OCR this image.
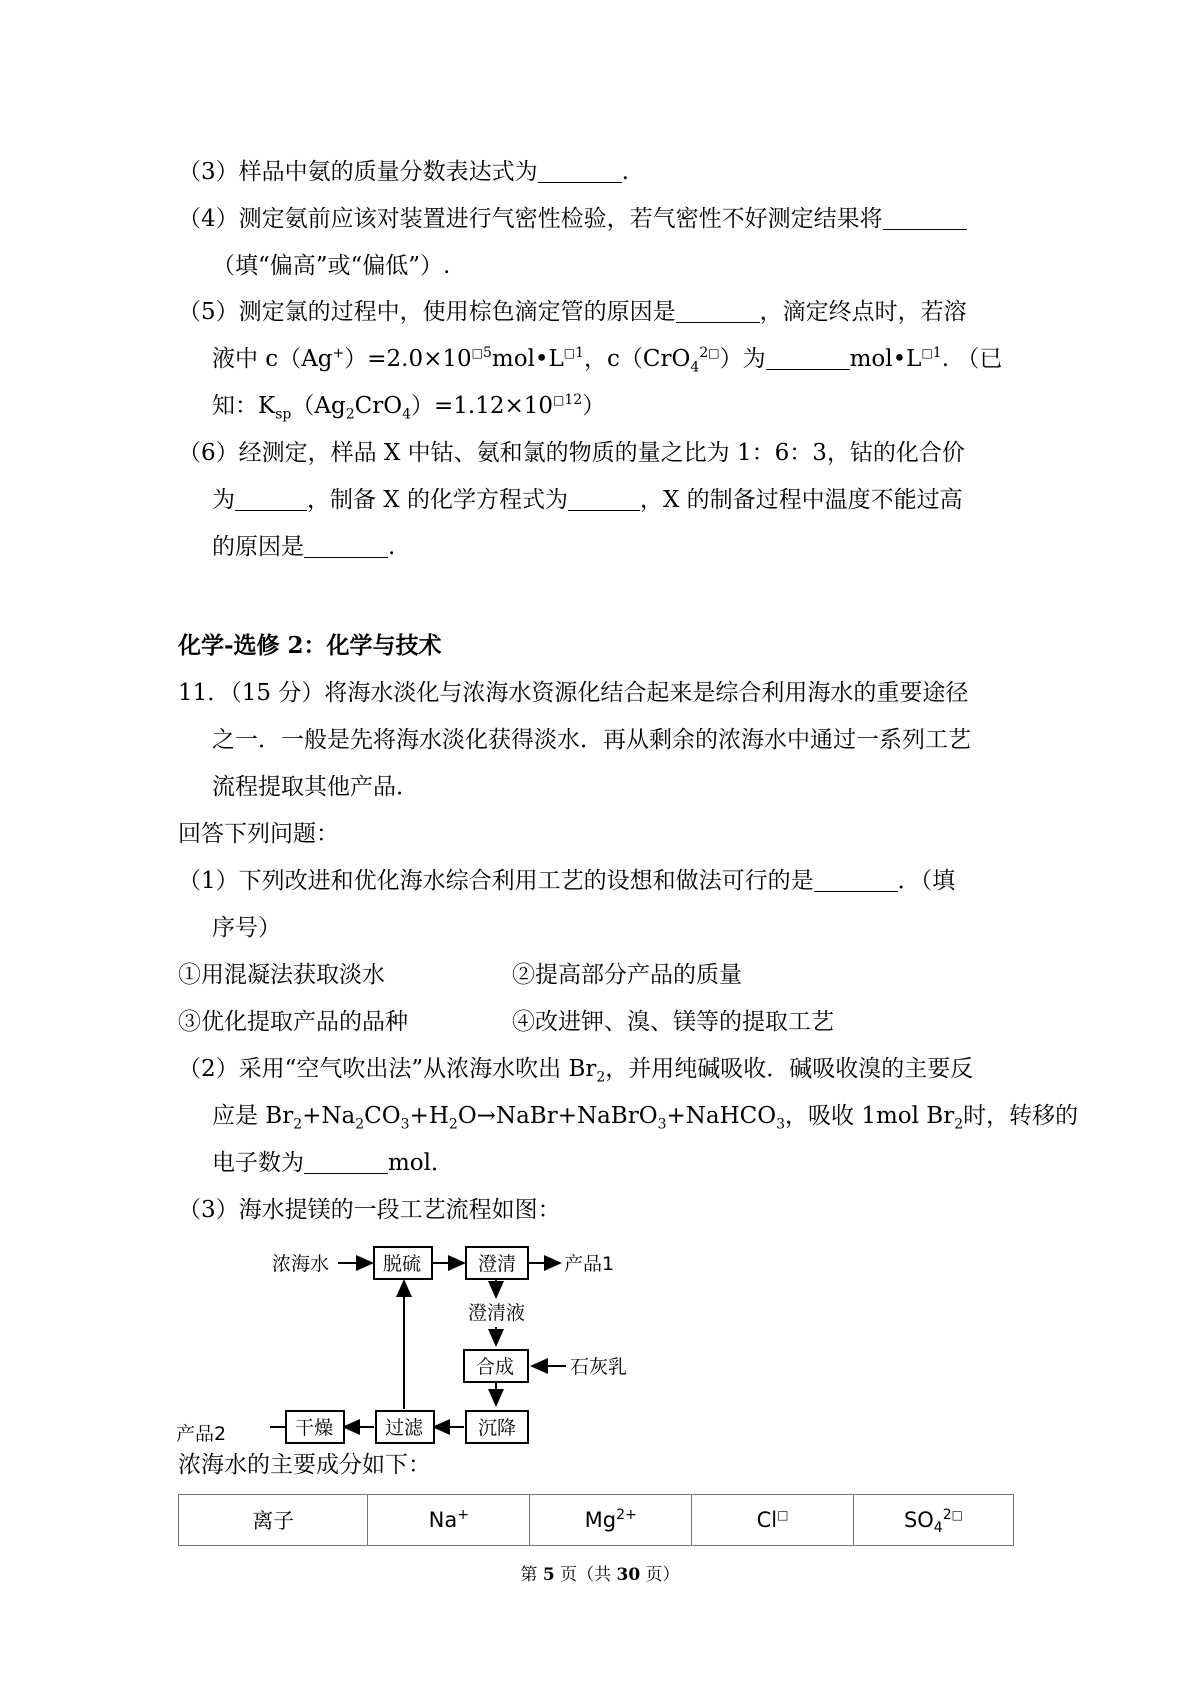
（3）样品中氨的质量分数表达式为	.
（4）测定氨前应该对装置进行气密性检验，若气密性不好测定结果将
（填“偏高”或“偏低”）.
（5）测定氯的过程中，使用棕色滴定管的原因是	，滴定终点时，若溶
液中 $c(Ag^+)=2.0\times 10^{□5}mol•L^{□1}$，c（CrO$_4^{2□}$）为	$mol•L^{□1}$. （已
知：$K_{sp}(Ag_2CrO_4)=1.12\times 10^{□12}$）
（6）经测定，样品 X 中钴、氨和氯的物质的量之比为 1：6：3，钴的化合价
为	，制备 X 的化学方程式为	，X 的制备过程中温度不能过高
的原因是	.
化学-选修 2：化学与技术
11．（15 分）将海水淡化与浓海水资源化结合起来是综合利用海水的重要途径
之一．一般是先将海水淡化获得淡水．再从剩余的浓海水中通过一系列工艺
流程提取其他产品．
回答下列问题：
（1）下列改进和优化海水综合利用工艺的设想和做法可行的是	．（填
序号）
①用混凝法获取淡水	②提高部分产品的质量
③优化提取产品的品种	④改进钾、溴、镁等的提取工艺
（2）采用“空气吹出法”从浓海水吹出 $Br_2$，并用纯碱吸收．碱吸收溴的主要反
应是 $Br_2+Na_2CO_3+H_2O\to NaBr+NaBrO_3+NaHCO_3$，吸收 1mol $Br_2$时，转移的
电子数为	mol．
（3）海水提镁的一段工艺流程如图：
浓海水	脱硫	澄清	产品1
澄清液
合成	石灰乳
沉降
过滤
干燥
产品2
浓海水的主要成分如下：
离子	Na+	$Mg^{2+}$	Cl□	$SO_4^{2□}$
第 5 页（共 30 页）
